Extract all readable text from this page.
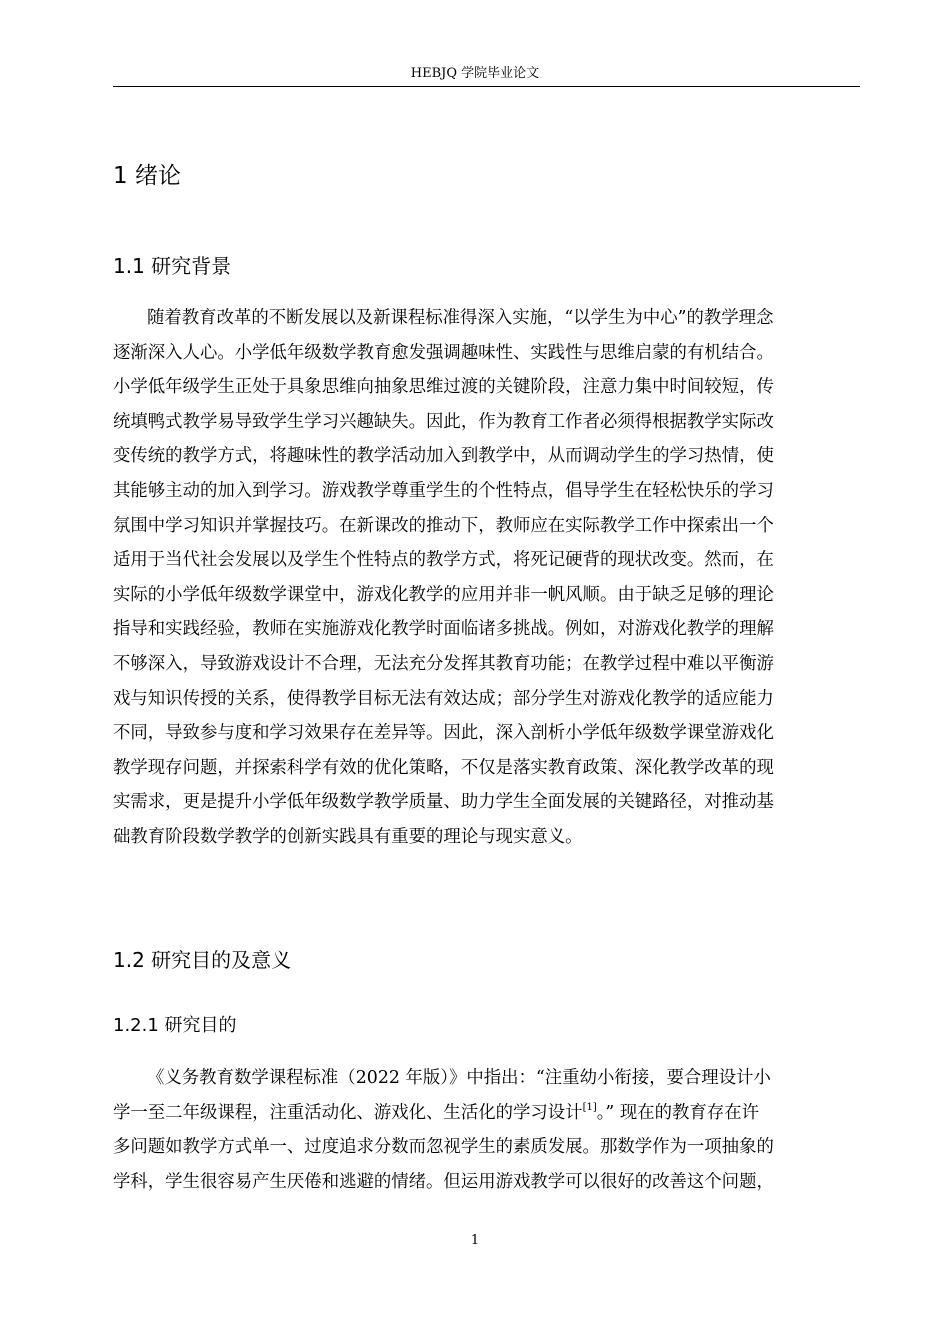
HEBJQ 学院毕业论文
1 绪论
1.1 研究背景
随着教育改革的不断发展以及新课程标准得深入实施，“以学生为中心”的教学理念
逐渐深入人心。小学低年级数学教育愈发强调趣味性、实践性与思维启蒙的有机结合。
小学低年级学生正处于具象思维向抽象思维过渡的关键阶段，注意力集中时间较短，传
统填鸭式教学易导致学生学习兴趣缺失。因此，作为教育工作者必须得根据教学实际改
变传统的教学方式，将趣味性的教学活动加入到教学中，从而调动学生的学习热情，使
其能够主动的加入到学习。游戏教学尊重学生的个性特点，倡导学生在轻松快乐的学习
氛围中学习知识并掌握技巧。在新课改的推动下，教师应在实际教学工作中探索出一个
适用于当代社会发展以及学生个性特点的教学方式，将死记硬背的现状改变。然而，在
实际的小学低年级数学课堂中，游戏化教学的应用并非一帆风顺。由于缺乏足够的理论
指导和实践经验，教师在实施游戏化教学时面临诸多挑战。例如，对游戏化教学的理解
不够深入，导致游戏设计不合理，无法充分发挥其教育功能；在教学过程中难以平衡游
戏与知识传授的关系，使得教学目标无法有效达成；部分学生对游戏化教学的适应能力
不同，导致参与度和学习效果存在差异等。因此，深入剖析小学低年级数学课堂游戏化
教学现存问题，并探索科学有效的优化策略，不仅是落实教育政策、深化教学改革的现
实需求，更是提升小学低年级数学教学质量、助力学生全面发展的关键路径，对推动基
础教育阶段数学教学的创新实践具有重要的理论与现实意义。
1.2 研究目的及意义
1.2.1 研究目的
《义务教育数学课程标准（2022 年版）》中指出：“注重幼小衔接，要合理设计小
学一至二年级课程，注重活动化、游戏化、生活化的学习设计[1]。” 现在的教育存在许
多问题如教学方式单一、过度追求分数而忽视学生的素质发展。那数学作为一项抽象的
学科，学生很容易产生厌倦和逃避的情绪。但运用游戏教学可以很好的改善这个问题，
1
